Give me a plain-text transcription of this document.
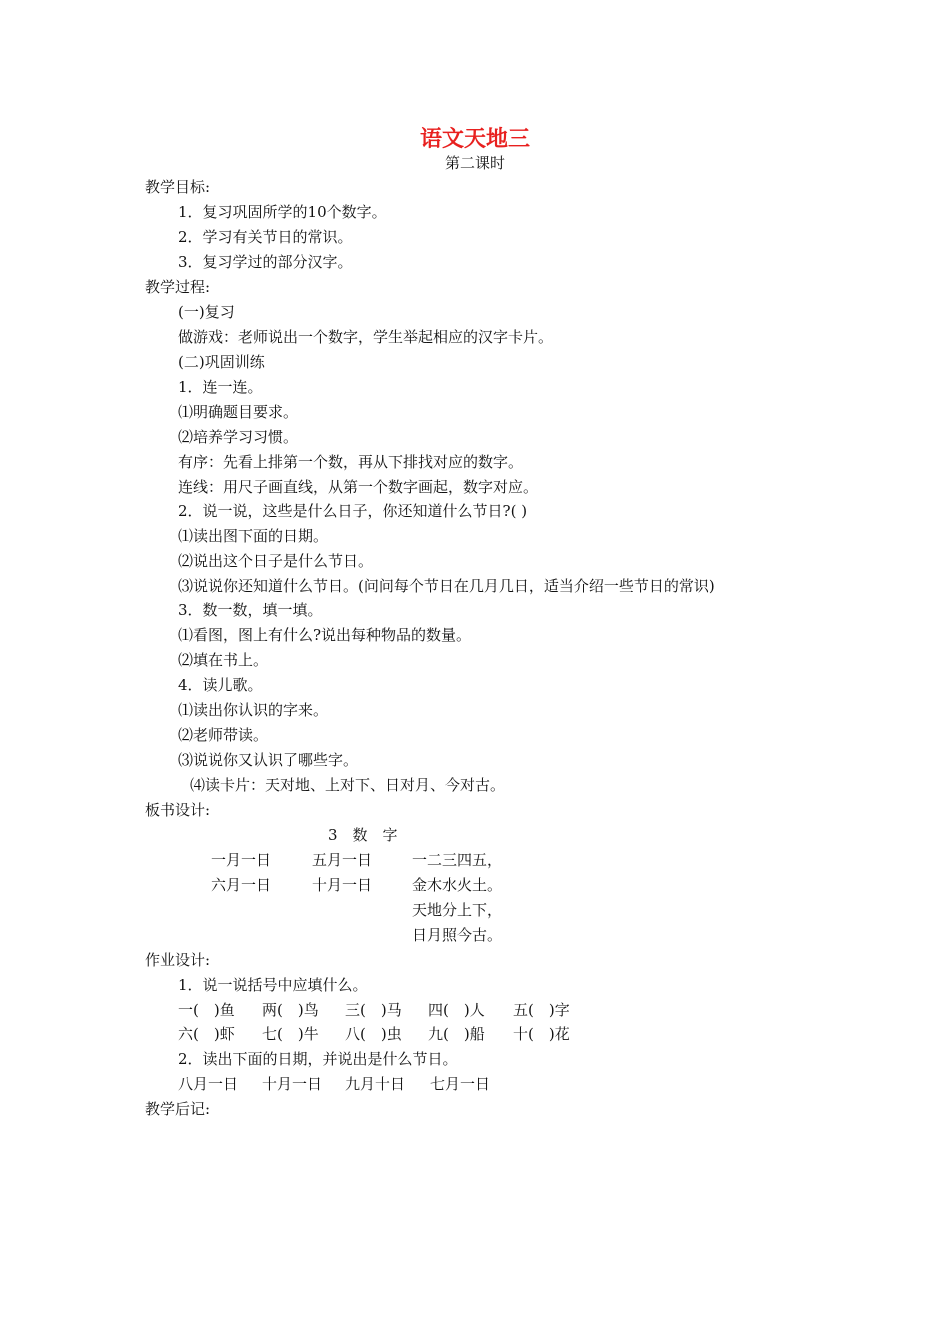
语文天地三
第二课时
教学目标:
1．复习巩固所学的10个数字。
2．学习有关节日的常识。
3．复习学过的部分汉字。
教学过程:
(一)复习
做游戏：老师说出一个数字，学生举起相应的汉字卡片。
(二)巩固训练
1．连一连。
⑴明确题目要求。
⑵培养学习习惯。
有序：先看上排第一个数，再从下排找对应的数字。
连线：用尺子画直线，从第一个数字画起，数字对应。
2．说一说，这些是什么日子，你还知道什么节日?( )
⑴读出图下面的日期。
⑵说出这个日子是什么节日。
⑶说说你还知道什么节日。(问问每个节日在几月几日，适当介绍一些节日的常识)
3．数一数，填一填。
⑴看图，图上有什么?说出每种物品的数量。
⑵填在书上。
4．读儿歌。
⑴读出你认识的字来。
⑵老师带读。
⑶说说你又认识了哪些字。
⑷读卡片：天对地、上对下、日对月、今对古。
板书设计:
3　数　字
一月一日
六月一日
五月一日
十月一日
一二三四五，
金木水火土。
天地分上下，
日月照今古。
作业设计:
1．说一说括号中应填什么。
一(　)鱼 两(　)鸟 三(　)马 四(　)人 五(　)字
六(　)虾 七(　)牛 八(　)虫 九(　)船 十(　)花
2．读出下面的日期，并说出是什么节日。
八月一日 十月一日 九月十日 七月一日
教学后记:
